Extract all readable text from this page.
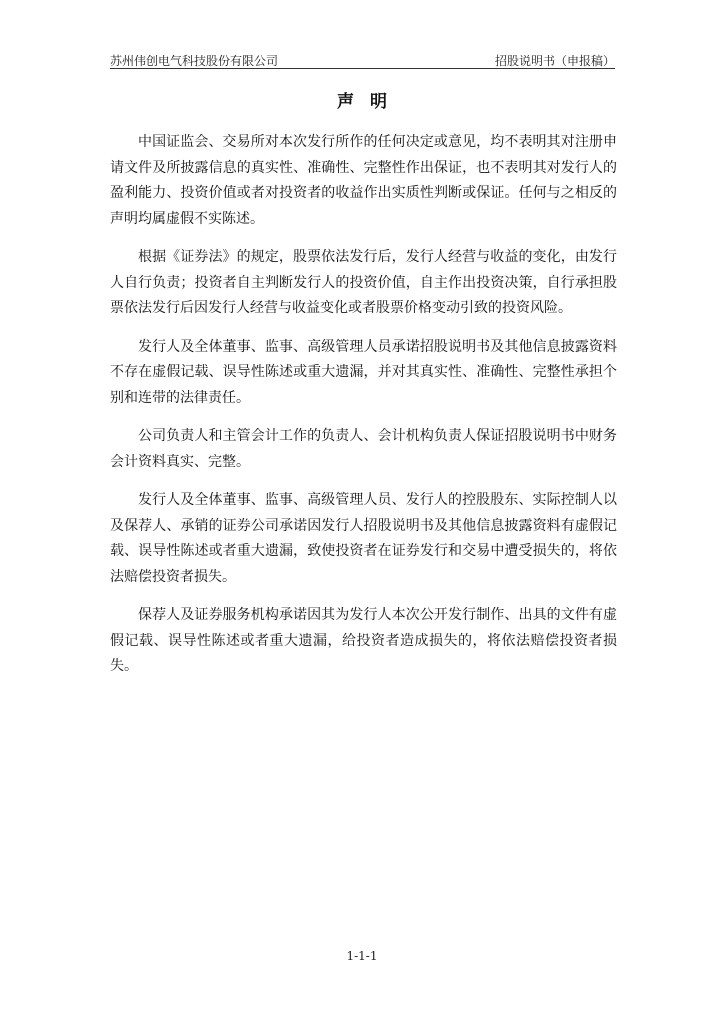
苏州伟创电气科技股份有限公司	招股说明书（申报稿）
声明

中国证监会、交易所对本次发行所作的任何决定或意见，均不表明其对注册申请文件及所披露信息的真实性、准确性、完整性作出保证，也不表明其对发行人的盈利能力、投资价值或者对投资者的收益作出实质性判断或保证。任何与之相反的声明均属虚假不实陈述。

根据《证券法》的规定，股票依法发行后，发行人经营与收益的变化，由发行人自行负责；投资者自主判断发行人的投资价值，自主作出投资决策，自行承担股票依法发行后因发行人经营与收益变化或者股票价格变动引致的投资风险。

发行人及全体董事、监事、高级管理人员承诺招股说明书及其他信息披露资料不存在虚假记载、误导性陈述或重大遗漏，并对其真实性、准确性、完整性承担个别和连带的法律责任。

公司负责人和主管会计工作的负责人、会计机构负责人保证招股说明书中财务会计资料真实、完整。

发行人及全体董事、监事、高级管理人员、发行人的控股股东、实际控制人以及保荐人、承销的证券公司承诺因发行人招股说明书及其他信息披露资料有虚假记载、误导性陈述或者重大遗漏，致使投资者在证券发行和交易中遭受损失的，将依法赔偿投资者损失。

保荐人及证券服务机构承诺因其为发行人本次公开发行制作、出具的文件有虚假记载、误导性陈述或者重大遗漏，给投资者造成损失的，将依法赔偿投资者损失。

1-1-1
